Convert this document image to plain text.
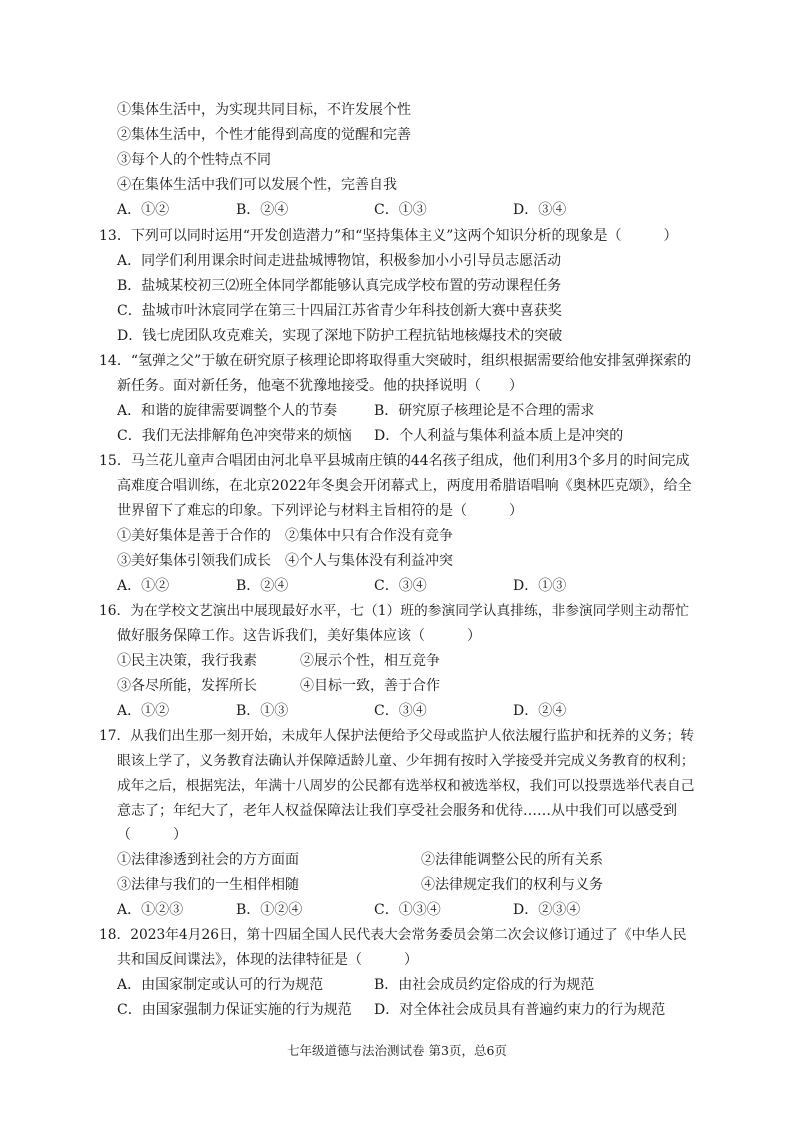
①集体生活中，为实现共同目标，不许发展个性
②集体生活中，个性才能得到高度的觉醒和完善
③每个人的个性特点不同
④在集体生活中我们可以发展个性，完善自我
A．①②	B．②④	C．①③	D．③④
13．下列可以同时运用“开发创造潜力”和“坚持集体主义”这两个知识分析的现象是（　　　）
A．同学们利用课余时间走进盐城博物馆，积极参加小小引导员志愿活动
B．盐城某校初三⑵班全体同学都能够认真完成学校布置的劳动课程任务
C．盐城市叶沐宸同学在第三十四届江苏省青少年科技创新大赛中喜获奖
D．钱七虎团队攻克难关，实现了深地下防护工程抗钻地核爆技术的突破
14．“氢弹之父”于敏在研究原子核理论即将取得重大突破时，组织根据需要给他安排氢弹探索的
新任务。面对新任务，他毫不犹豫地接受。他的抉择说明（　　）
A．和谐的旋律需要调整个人的节奏	B．研究原子核理论是不合理的需求
C．我们无法排解角色冲突带来的烦恼 D．个人利益与集体利益本质上是冲突的
15．马兰花儿童声合唱团由河北阜平县城南庄镇的44名孩子组成，他们利用3个多月的时间完成
高难度合唱训练，在北京2022年冬奥会开闭幕式上，两度用希腊语唱响《奥林匹克颂》，给全
世界留下了难忘的印象。下列评论与材料主旨相符的是（　　　）
①美好集体是善于合作的　②集体中只有合作没有竞争
③美好集体引领我们成长　④个人与集体没有利益冲突
A．①②	B．②④	C．③④	D．①③
16．为在学校文艺演出中展现最好水平，七（1）班的参演同学认真排练，非参演同学则主动帮忙
做好服务保障工作。这告诉我们，美好集体应该（　　　）
①民主决策，我行我素	②展示个性，相互竞争
③各尽所能，发挥所长	④目标一致，善于合作
A．①②	B．①③	C．③④	D．②④
17．从我们出生那一刻开始，未成年人保护法便给予父母或监护人依法履行监护和抚养的义务；转
眼该上学了，义务教育法确认并保障适龄儿童、少年拥有按时入学接受并完成义务教育的权利；
成年之后，根据宪法，年满十八周岁的公民都有选举权和被选举权，我们可以投票选举代表自己
意志了；年纪大了，老年人权益保障法让我们享受社会服务和优待……从中我们可以感受到
（　　　）
①法律渗透到社会的方方面面	②法律能调整公民的所有关系
③法律与我们的一生相伴相随	④法律规定我们的权利与义务
A．①②③	B．①②④	C．①③④	D．②③④
18．2023年4月26日，第十四届全国人民代表大会常务委员会第二次会议修订通过了《中华人民
共和国反间谍法》，体现的法律特征是（　　　）
A．由国家制定或认可的行为规范	B．由社会成员约定俗成的行为规范
C．由国家强制力保证实施的行为规范 D．对全体社会成员具有普遍约束力的行为规范
七年级道德与法治测试卷 第3页，总6页
